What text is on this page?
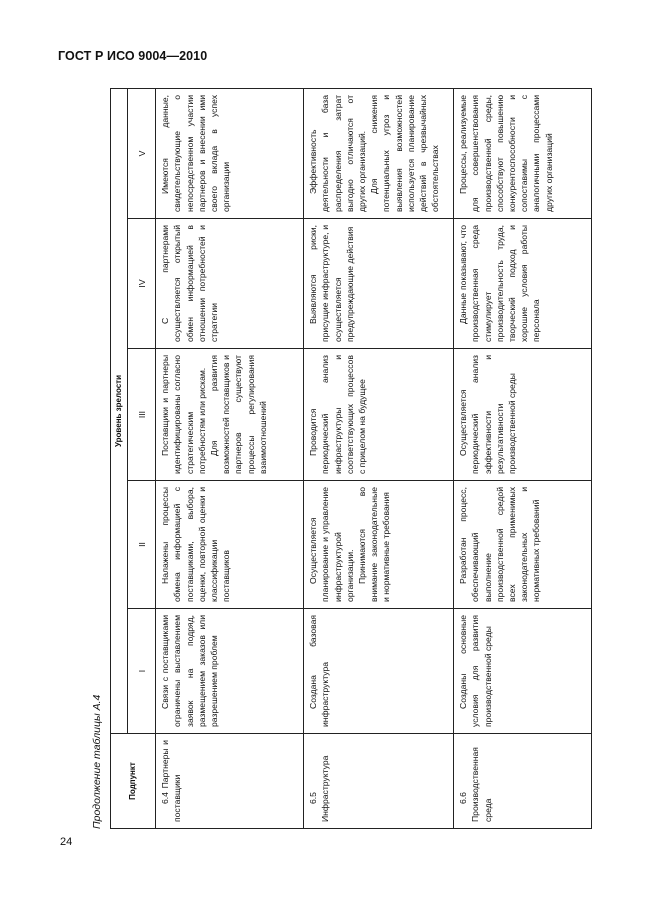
ГОСТ Р ИСО 9004—2010
24
Продолжение таблицы А.4	Подпункт	Уровень зрелости				
	I	II	III	IV	V

6.4 Партнеры и поставщики	Связи с поставщиками ограничены выставлением заявок на подряд, размещением заказов или разрешением проблем	Налажены процессы обмена информацией с поставщиками, выбора, оценки, повторной оценки и классификации поставщиков	Поставщики и партнеры идентифицированы согласно стратегическим потребностям или рискам. Для развития возможностей поставщиков и партнеров существуют процессы регулирования взаимоотношений	С партнерами осуществляется открытый обмен информацией в отношении потребностей и стратегии	Имеются данные, свидетельствующие о непосредственном участии партнеров и внесении ими своего вклада в успех организации

6.5 Инфраструктура	Создана базовая инфраструктура	Осуществляется планирование и управление инфраструктурой организации. Принимаются во внимание законодательные и нормативные требования	Проводится периодический анализ инфраструктуры и соответствующих процессов с прицелом на будущее	Выявляются риски, присущие инфраструктуре, и осуществляется предупреждающие действия	Эффективность деятельности и база распределения затрат выгодно отличаются от других организаций. Для снижения потенциальных угроз и выявления возможностей используется планирование действий в чрезвычайных обстоятельствах

6.6 Производственная среда	Созданы основные условия для развития производственной среды	Разработан процесс, обеспечивающий выполнение производственной средой всех применимых законодательных и нормативных требований	Осуществляется периодический анализ эффективности и результативности производственной среды	Данные показывают, что производственная среда стимулирует производительность труда, творческий подход и хорошие условия работы персонала	Процессы, реализуемые для совершенствования производственной среды, способствуют повышению конкурентоспособности и сопоставимы с аналогичными процессами других организаций
